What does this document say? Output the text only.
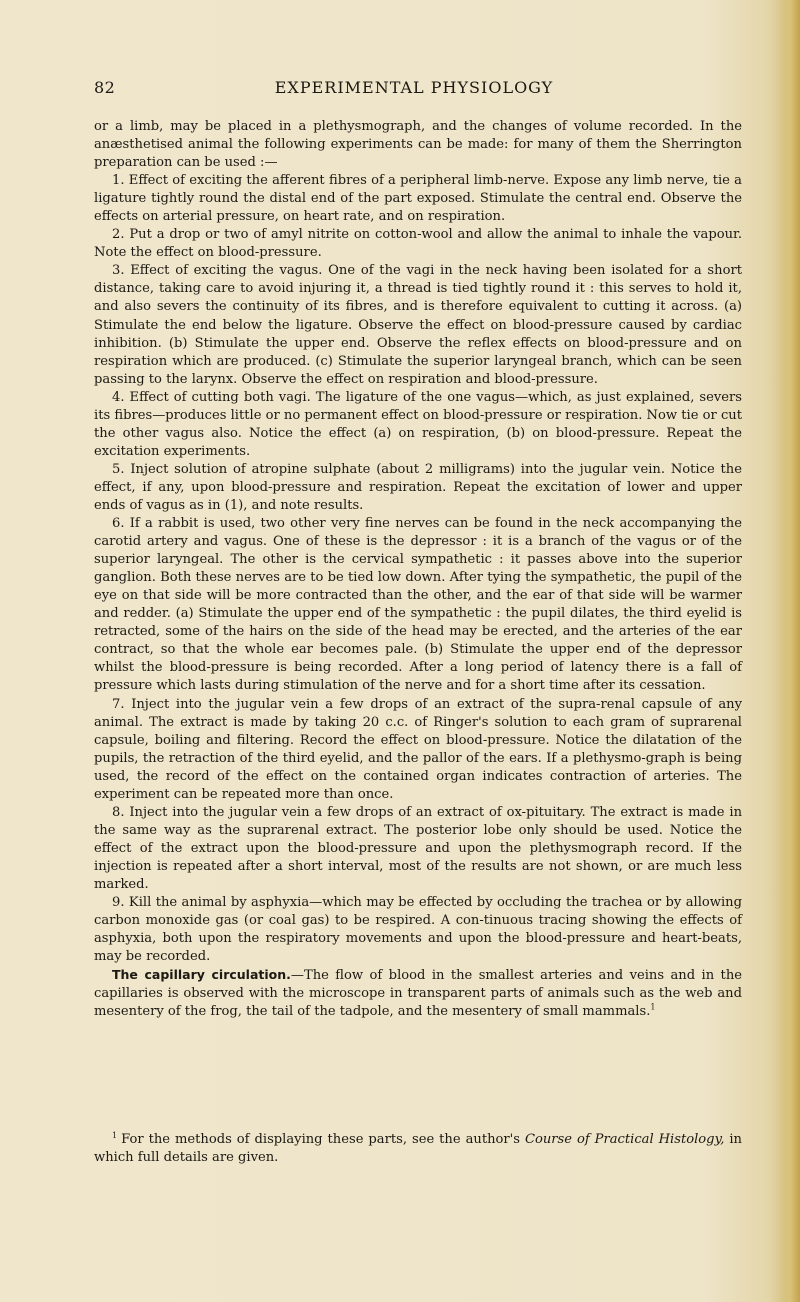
82	EXPERIMENTAL PHYSIOLOGY

or a limb, may be placed in a plethysmograph, and the changes of volume recorded. In the anæsthetised animal the following experiments can be made: for many of them the Sherrington preparation can be used :—

1. Effect of exciting the afferent fibres of a peripheral limb-nerve. Expose any limb nerve, tie a ligature tightly round the distal end of the part exposed. Stimulate the central end. Observe the effects on arterial pressure, on heart rate, and on respiration.

2. Put a drop or two of amyl nitrite on cotton-wool and allow the animal to inhale the vapour. Note the effect on blood-pressure.

3. Effect of exciting the vagus. One of the vagi in the neck having been isolated for a short distance, taking care to avoid injuring it, a thread is tied tightly round it : this serves to hold it, and also severs the continuity of its fibres, and is therefore equivalent to cutting it across. (a) Stimulate the end below the ligature. Observe the effect on blood-pressure caused by cardiac inhibition. (b) Stimulate the upper end. Observe the reflex effects on blood-pressure and on respiration which are produced. (c) Stimulate the superior laryngeal branch, which can be seen passing to the larynx. Observe the effect on respiration and blood-pressure.

4. Effect of cutting both vagi. The ligature of the one vagus—which, as just explained, severs its fibres—produces little or no permanent effect on blood-pressure or respiration. Now tie or cut the other vagus also. Notice the effect (a) on respiration, (b) on blood-pressure. Repeat the excitation experiments.

5. Inject solution of atropine sulphate (about 2 milligrams) into the jugular vein. Notice the effect, if any, upon blood-pressure and respiration. Repeat the excitation of lower and upper ends of vagus as in (1), and note results.

6. If a rabbit is used, two other very fine nerves can be found in the neck accompanying the carotid artery and vagus. One of these is the depressor : it is a branch of the vagus or of the superior laryngeal. The other is the cervical sympathetic : it passes above into the superior ganglion. Both these nerves are to be tied low down. After tying the sympathetic, the pupil of the eye on that side will be more contracted than the other, and the ear of that side will be warmer and redder. (a) Stimulate the upper end of the sympathetic : the pupil dilates, the third eyelid is retracted, some of the hairs on the side of the head may be erected, and the arteries of the ear contract, so that the whole ear becomes pale. (b) Stimulate the upper end of the depressor whilst the blood-pressure is being recorded. After a long period of latency there is a fall of pressure which lasts during stimulation of the nerve and for a short time after its cessation.

7. Inject into the jugular vein a few drops of an extract of the supra-renal capsule of any animal. The extract is made by taking 20 c.c. of Ringer's solution to each gram of suprarenal capsule, boiling and filtering. Record the effect on blood-pressure. Notice the dilatation of the pupils, the retraction of the third eyelid, and the pallor of the ears. If a plethysmo-graph is being used, the record of the effect on the contained organ indicates contraction of arteries. The experiment can be repeated more than once.

8. Inject into the jugular vein a few drops of an extract of ox-pituitary. The extract is made in the same way as the suprarenal extract. The posterior lobe only should be used. Notice the effect of the extract upon the blood-pressure and upon the plethysmograph record. If the injection is repeated after a short interval, most of the results are not shown, or are much less marked.

9. Kill the animal by asphyxia—which may be effected by occluding the trachea or by allowing carbon monoxide gas (or coal gas) to be respired. A con-tinuous tracing showing the effects of asphyxia, both upon the respiratory movements and upon the blood-pressure and heart-beats, may be recorded.

The capillary circulation.—The flow of blood in the smallest arteries and veins and in the capillaries is observed with the microscope in transparent parts of animals such as the web and mesentery of the frog, the tail of the tadpole, and the mesentery of small mammals.$^1$

$^1$ For the methods of displaying these parts, see the author's Course of Practical Histology, in which full details are given.
